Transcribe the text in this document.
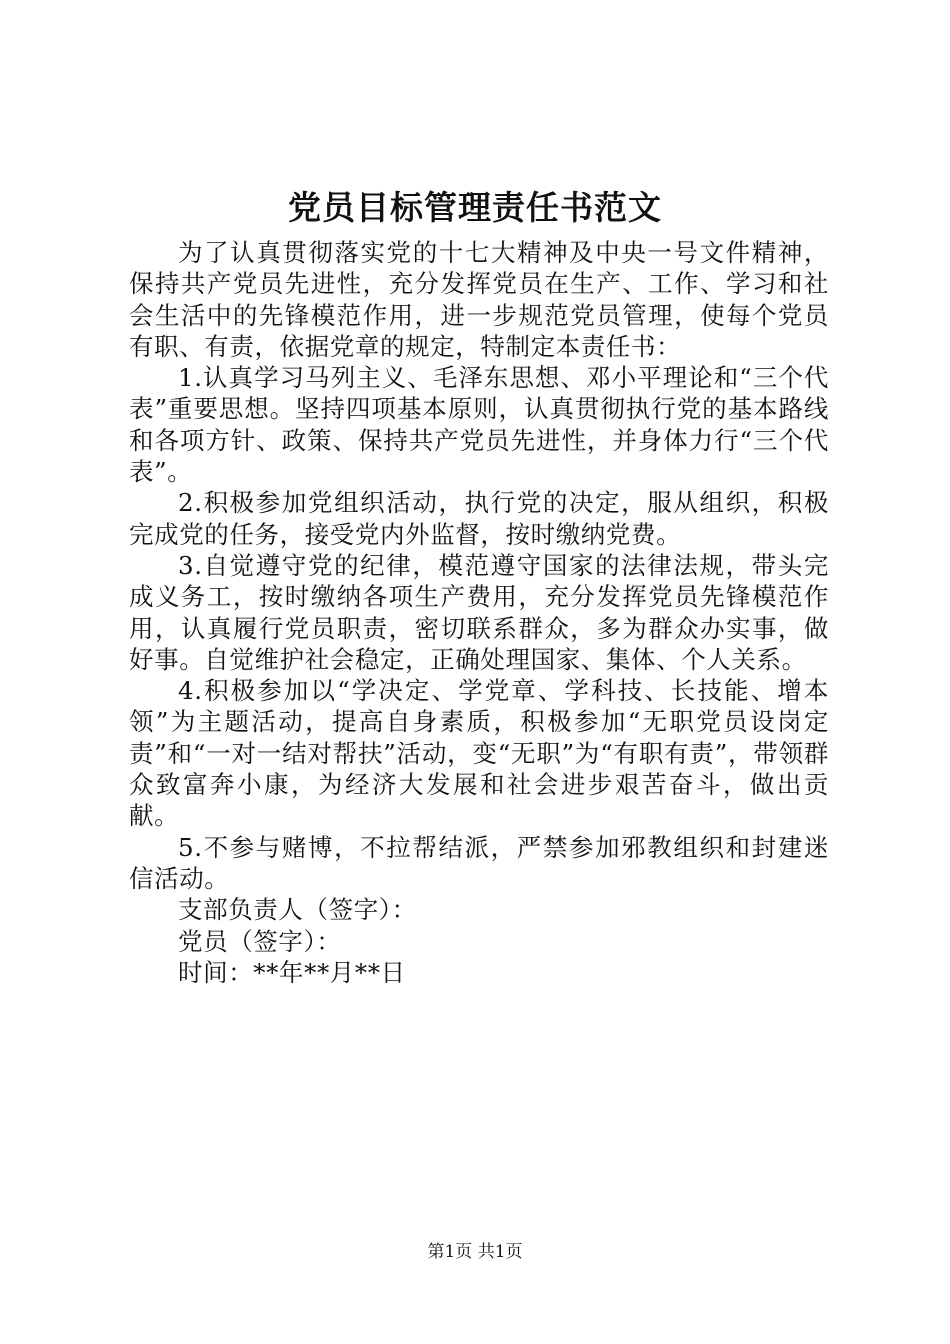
党员目标管理责任书范文

为了认真贯彻落实党的十七大精神及中央一号文件精神，保持共产党员先进性，充分发挥党员在生产、工作、学习和社会生活中的先锋模范作用，进一步规范党员管理，使每个党员有职、有责，依据党章的规定，特制定本责任书：

1.认真学习马列主义、毛泽东思想、邓小平理论和“三个代表”重要思想。坚持四项基本原则，认真贯彻执行党的基本路线和各项方针、政策、保持共产党员先进性，并身体力行“三个代表”。

2.积极参加党组织活动，执行党的决定，服从组织，积极完成党的任务，接受党内外监督，按时缴纳党费。

3.自觉遵守党的纪律，模范遵守国家的法律法规，带头完成义务工，按时缴纳各项生产费用，充分发挥党员先锋模范作用，认真履行党员职责，密切联系群众，多为群众办实事，做好事。自觉维护社会稳定，正确处理国家、集体、个人关系。

4.积极参加以“学决定、学党章、学科技、长技能、增本领”为主题活动，提高自身素质，积极参加“无职党员设岗定责”和“一对一结对帮扶”活动，变“无职”为“有职有责”，带领群众致富奔小康，为经济大发展和社会进步艰苦奋斗，做出贡献。

5.不参与赌博，不拉帮结派，严禁参加邪教组织和封建迷信活动。

支部负责人（签字）：

党员（签字）：

时间：**年**月**日

第1页 共1页
